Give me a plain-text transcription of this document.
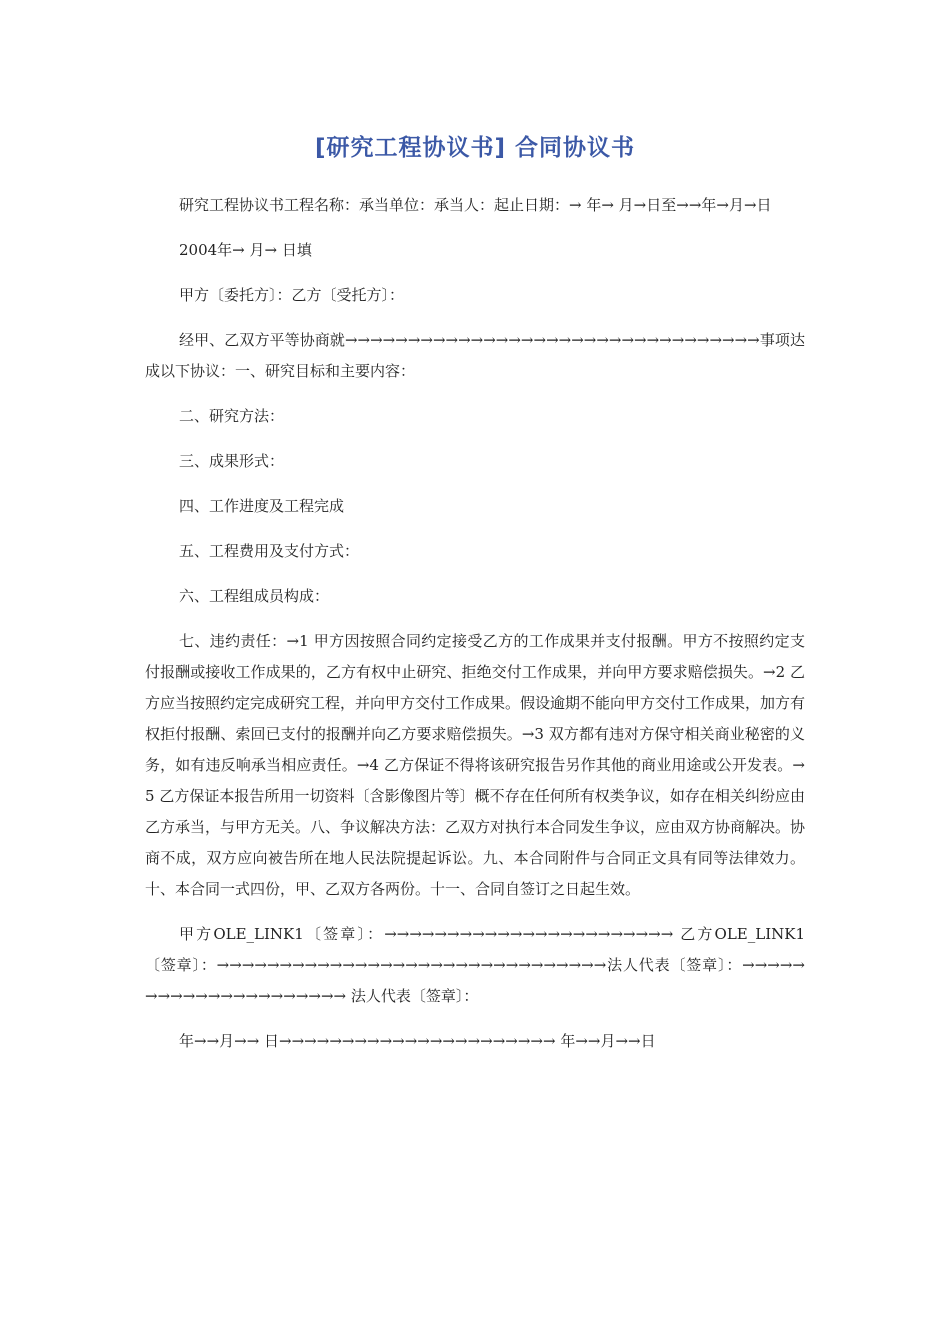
[研究工程协议书] 合同协议书

研究工程协议书工程名称：承当单位：承当人：起止日期：→ 年→ 月→日至→→年→月→日

2004年→ 月→ 日填

甲方〔委托方〕：乙方〔受托方〕：

经甲、乙双方平等协商就→→→→→→→→→→→→→→→→→→→→→→→→→→→→→→→→→事项达成以下协议：一、研究目标和主要内容：

二、研究方法：

三、成果形式：

四、工作进度及工程完成

五、工程费用及支付方式：

六、工程组成员构成：

七、违约责任：→1 甲方因按照合同约定接受乙方的工作成果并支付报酬。甲方不按照约定支付报酬或接收工作成果的，乙方有权中止研究、拒绝交付工作成果，并向甲方要求赔偿损失。→2 乙方应当按照约定完成研究工程，并向甲方交付工作成果。假设逾期不能向甲方交付工作成果，加方有权拒付报酬、索回已支付的报酬并向乙方要求赔偿损失。→3 双方都有违对方保守相关商业秘密的义务，如有违反响承当相应责任。→4 乙方保证不得将该研究报告另作其他的商业用途或公开发表。→5 乙方保证本报告所用一切资料〔含影像图片等〕概不存在任何所有权类争议，如存在相关纠纷应由乙方承当，与甲方无关。八、争议解决方法：乙双方对执行本合同发生争议，应由双方协商解决。协商不成，双方应向被告所在地人民法院提起诉讼。九、本合同附件与合同正文具有同等法律效力。十、本合同一式四份，甲、乙双方各两份。十一、合同自签订之日起生效。

甲方OLE_LINK1〔签章〕：→→→→→→→→→→→→→→→→→→→→→→→ 乙方OLE_LINK1〔签章〕：→→→→→→→→→→→→→→→→→→→→→→→→→→→→→→→法人代表〔签章〕：→→→→→→→→→→→→→→→→→→→→→ 法人代表〔签章〕：

年→→月→→ 日→→→→→→→→→→→→→→→→→→→→→→ 年→→月→→日
